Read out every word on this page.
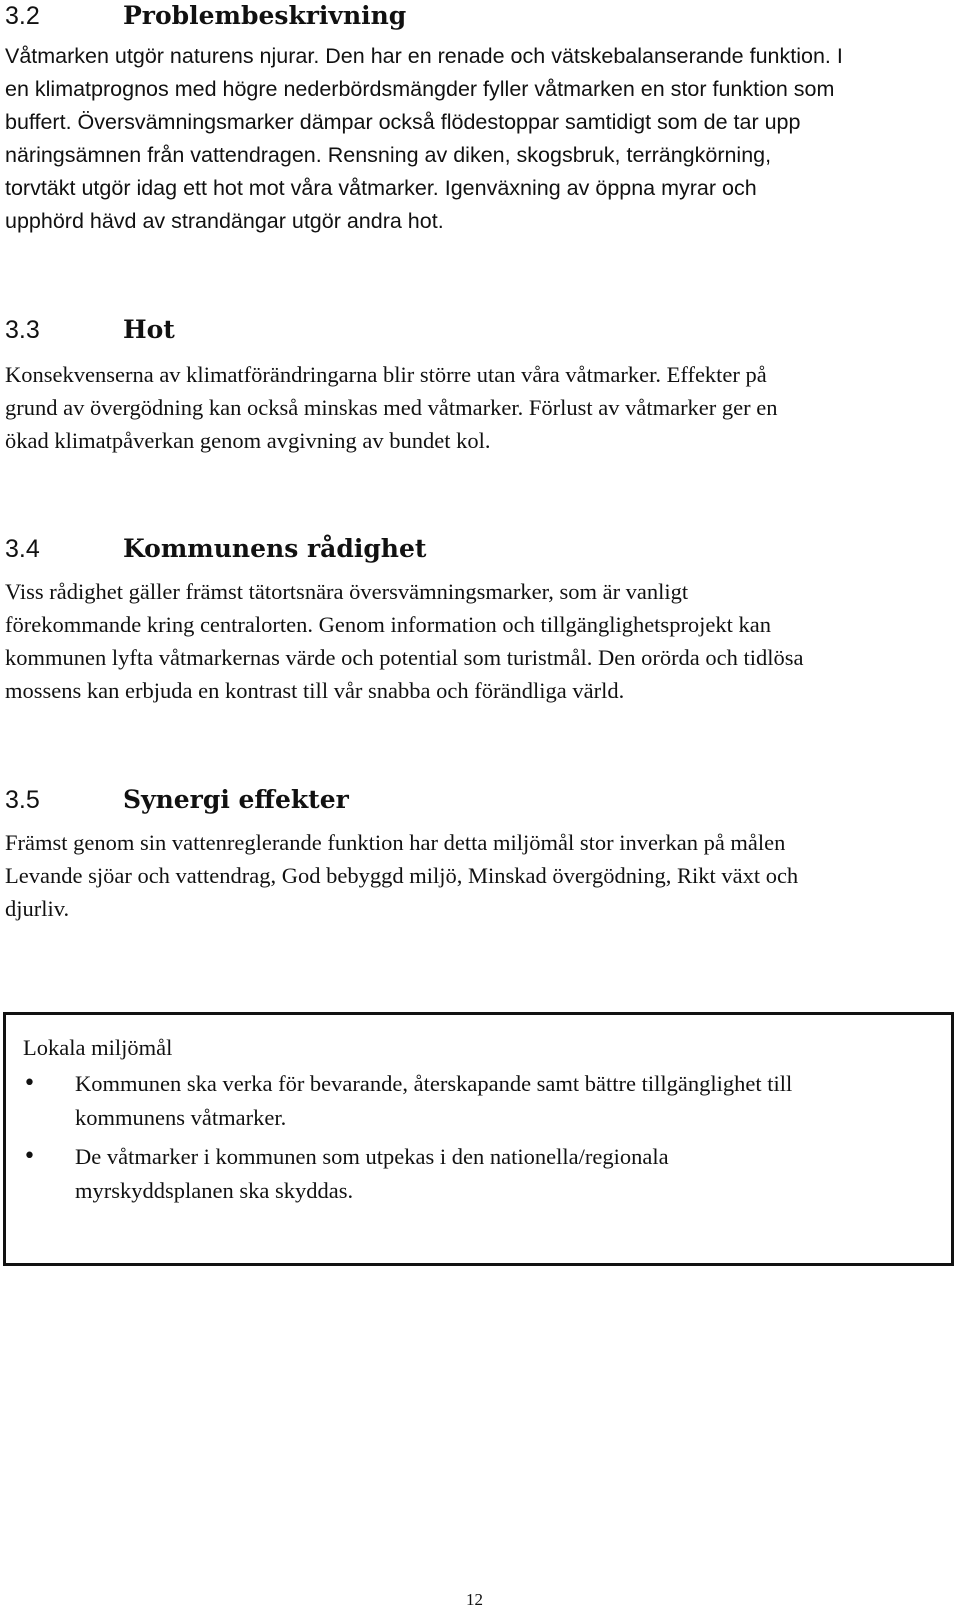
3.2	Problembeskrivning

Våtmarken utgör naturens njurar. Den har en renade och vätskebalanserande funktion. I
en klimatprognos med högre nederbördsmängder fyller våtmarken en stor funktion som
buffert. Översvämningsmarker dämpar också flödestoppar samtidigt som de tar upp
näringsämnen från vattendragen. Rensning av diken, skogsbruk, terrängkörning,
torvtäkt utgör idag ett hot mot våra våtmarker. Igenväxning av öppna myrar och
upphörd hävd av strandängar utgör andra hot.

3.3	Hot

Konsekvenserna av klimatförändringarna blir större utan våra våtmarker. Effekter på
grund av övergödning kan också minskas med våtmarker. Förlust av våtmarker ger en
ökad klimatpåverkan genom avgivning av bundet kol.

3.4	Kommunens rådighet

Viss rådighet gäller främst tätortsnära översvämningsmarker, som är vanligt
förekommande kring centralorten. Genom information och tillgänglighetsprojekt kan
kommunen lyfta våtmarkernas värde och potential som turistmål. Den orörda och tidlösa
mossens kan erbjuda en kontrast till vår snabba och förändliga värld.

3.5	Synergi effekter

Främst genom sin vattenreglerande funktion har detta miljömål stor inverkan på målen
Levande sjöar och vattendrag, God bebyggd miljö, Minskad övergödning, Rikt växt och
djurliv.

Lokala miljömål

• Kommunen ska verka för bevarande, återskapande samt bättre tillgänglighet till
kommunens våtmarker.
• De våtmarker i kommunen som utpekas i den nationella/regionala
myrskyddsplanen ska skyddas.

12
